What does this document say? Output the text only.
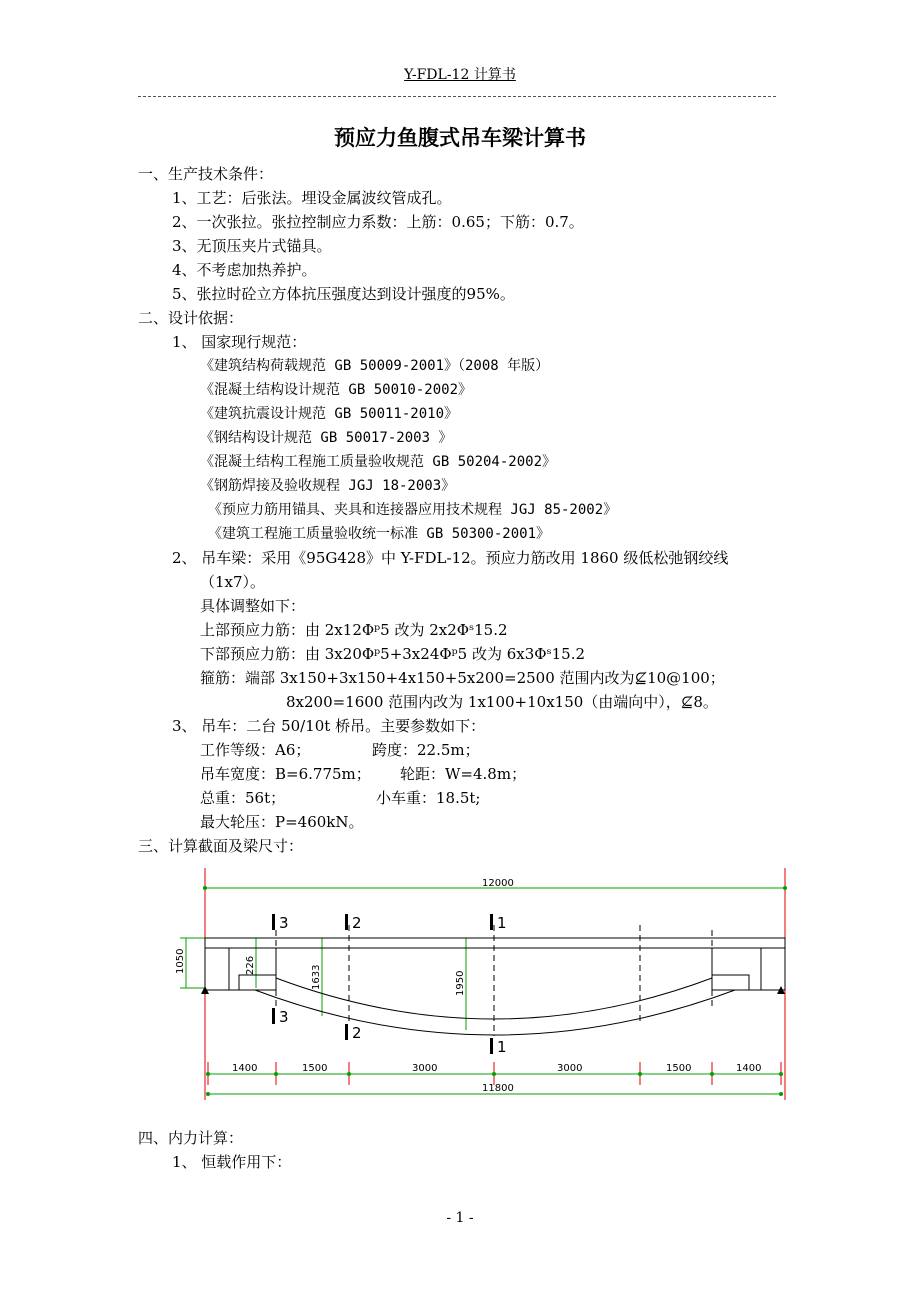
Y-FDL-12 计算书
预应力鱼腹式吊车梁计算书
一、生产技术条件：
1、工艺：后张法。埋设金属波纹管成孔。
2、一次张拉。张拉控制应力系数：上筋：0.65；下筋：0.7。
3、无顶压夹片式锚具。
4、不考虑加热养护。
5、张拉时砼立方体抗压强度达到设计强度的95%。
二、设计依据：
1、 国家现行规范：
《建筑结构荷载规范 GB 50009-2001》（2008 年版）
《混凝土结构设计规范 GB 50010-2002》
《建筑抗震设计规范 GB 50011-2010》
《钢结构设计规范 GB 50017-2003 》
《混凝土结构工程施工质量验收规范 GB 50204-2002》
《钢筋焊接及验收规程 JGJ 18-2003》
《预应力筋用锚具、夹具和连接器应用技术规程 JGJ 85-2002》
《建筑工程施工质量验收统一标准 GB 50300-2001》
2、 吊车梁：采用《95G428》中 Y-FDL-12。预应力筋改用 1860 级低松弛钢绞线
（1x7）。
具体调整如下：
上部预应力筋：由 2x12Φᵖ5 改为 2x2Φˢ15.2
下部预应力筋：由 3x20Φᵖ5+3x24Φᵖ5 改为 6x3Φˢ15.2
箍筋：端部 3x150+3x150+4x150+5x200=2500 范围内改为⊈10@100；
8x200=1600 范围内改为 1x100+10x150（由端向中），⊈8。
3、 吊车：二台 50/10t 桥吊。主要参数如下：
工作等级：A6；	跨度：22.5m；
吊车宽度：B=6.775m； 轮距：W=4.8m；
总重：56t；	小车重：18.5t;
最大轮压：P=460kN。
三、计算截面及梁尺寸：
12000
11800
1400	1500	3000	3000	1500	1400
1050	226	1633	1950
3
3
2
2
1
1
四、内力计算：
1、 恒载作用下：
- 1 -
